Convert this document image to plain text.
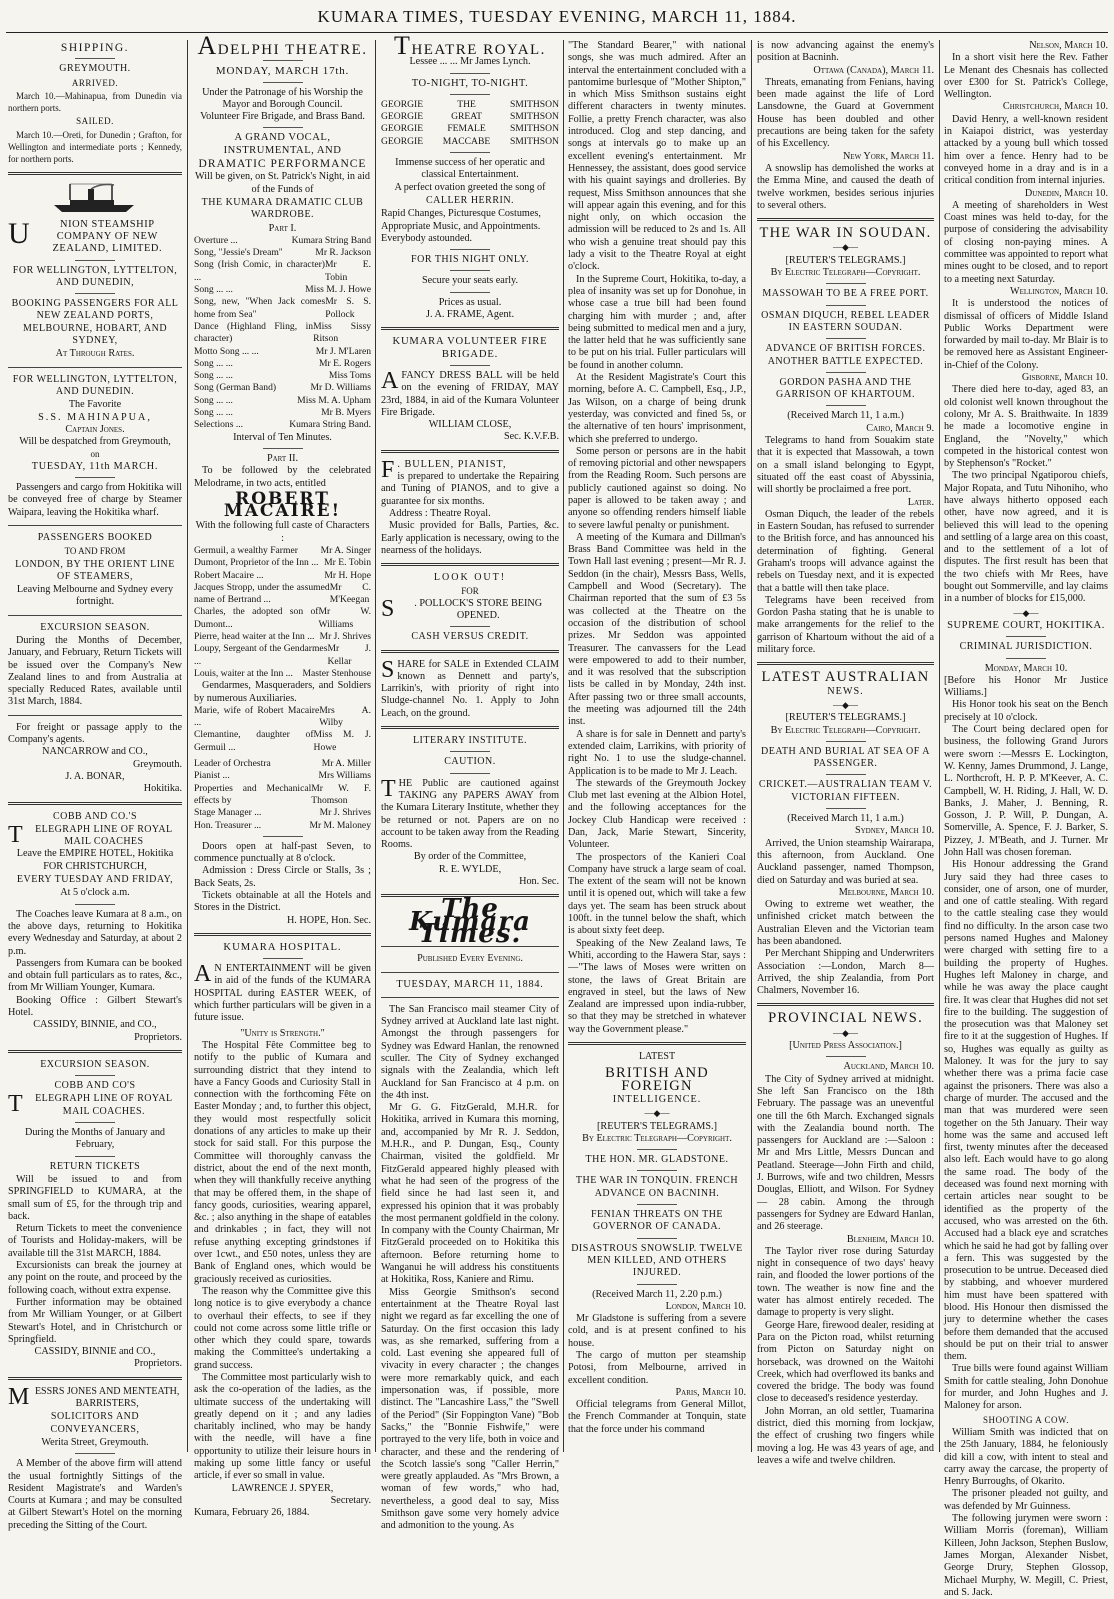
KUMARA TIMES, TUESDAY EVENING, MARCH 11, 1884.
SHIPPING.
GREYMOUTH.
ARRIVED.

March 10.—Mahinapua, from Dunedin via northern ports.

SAILED.

March 10.—Oreti, for Dunedin ; Grafton, for Wellington and intermediate ports ; Kennedy, for northern ports.

U	NION STEAMSHIP COMPANY OF NEW ZEALAND, LIMITED.
FOR WELLINGTON, LYTTELTON, AND DUNEDIN,
BOOKING PASSENGERS FOR ALL NEW ZEALAND PORTS, MELBOURNE, HOBART, AND SYDNEY,
At Through Rates.
FOR WELLINGTON, LYTTELTON, AND DUNEDIN.
The Favorite
S.S. MAHINAPUA,
Captain Jones.
Will be despatched from Greymouth,
on
TUESDAY, 11th MARCH.

Passengers and cargo from Hokitika will be conveyed free of charge by Steamer Waipara, leaving the Hokitika wharf.

PASSENGERS BOOKED
TO AND FROM
LONDON, BY THE ORIENT LINE OF STEAMERS,
Leaving Melbourne and Sydney every fortnight.
EXCURSION SEASON.

During the Months of December, January, and February, Return Tickets will be issued over the Company's New Zealand lines to and from Australia at specially Reduced Rates, available until 31st March, 1884.

For freight or passage apply to the Company's agents.

NANCARROW and CO.,
Greymouth.
J. A. BONAR,
Hokitika.
COBB AND CO.'S
T	ELEGRAPH LINE OF ROYAL MAIL COACHES
Leave the EMPIRE HOTEL, Hokitika FOR CHRISTCHURCH,
EVERY TUESDAY AND FRIDAY,
At 5 o'clock a.m.

The Coaches leave Kumara at 8 a.m., on the above days, returning to Hokitika every Wednesday and Saturday, at about 2 p.m.

Passengers from Kumara can be booked and obtain full particulars as to rates, &c., from Mr William Younger, Kumara.

Booking Office : Gilbert Stewart's Hotel.

CASSIDY, BINNIE, and CO.,
Proprietors.
EXCURSION SEASON.
COBB AND CO'S
T	ELEGRAPH LINE OF ROYAL MAIL COACHES.
During the Months of January and February,
RETURN TICKETS

Will be issued to and from SPRINGFIELD to KUMARA, at the small sum of £5, for the through trip and back.

Return Tickets to meet the convenience of Tourists and Holiday-makers, will be available till the 31st MARCH, 1884.

Excursionists can break the journey at any point on the route, and proceed by the following coach, without extra expense.

Further information may be obtained from Mr William Younger, or at Gilbert Stewart's Hotel, and in Christchurch or Springfield.

CASSIDY, BINNIE and CO.,
Proprietors.
M ESSRS JONES AND MENTEATH, BARRISTERS,
SOLICITORS AND CONVEYANCERS,
Werita Street, Greymouth.

A Member of the above firm will attend the usual fortnightly Sittings of the Resident Magistrate's and Warden's Courts at Kumara ; and may be consulted at Gilbert Stewart's Hotel on the morning preceding the Sitting of the Court.

ADELPHI THEATRE.
MONDAY, MARCH 17th.
Under the Patronage of his Worship the Mayor and Borough Council.
Volunteer Fire Brigade, and Brass Band.
A GRAND VOCAL, INSTRUMENTAL, AND
DRAMATIC PERFORMANCE
Will be given, on St. Patrick's Night, in aid of the Funds of
THE KUMARA DRAMATIC CLUB WARDROBE.
Part I.
Overture ...	Kumara String Band
Song, "Jessie's Dream"	Mr R. Jackson
Song (Irish Comic, in character) ...
Mr E. Tobin
Song ... ...	Miss M. J. Howe
Song, new, "When Jack comes home from Sea"
Mr S. S. Pollock
Dance (Highland Fling, in character)
Miss Sissy Ritson
Motto Song ... ...	Mr J. M'Laren
Song ... ...	Mr E. Rogers
Song ... ...	Miss Toms
Song (German Band)	Mr D. Williams
Song ... ...	Miss M. A. Upham
Song ... ...	Mr B. Myers
Selections ...	Kumara String Band.
Interval of Ten Minutes.
Part II.

To be followed by the celebrated Melodrame, in two acts, entitled

ROBERT MACAIRE!
With the following full caste of Characters :
Germuil, a wealthy Farmer Mr A. Singer
Dumont, Proprietor of the Inn ... Mr E. Tobin
Robert Macaire ...	Mr H. Hope
Jacques Stropp, under the assumed name of Bertrand ...
Mr C. M'Keegan
Charles, the adopted son of Dumont...
Mr W. Williams
Pierre, head waiter at the Inn ... Mr J. Shrives
Loupy, Sergeant of the Gendarmes ...
Mr J. Kellar
Louis, waiter at the Inn ... Master Stenhouse

Gendarmes, Masqueraders, and Soldiers by numerous Auxiliaries.

Marie, wife of Robert Macaire ...
Mrs A. Wilby
Clemantine, daughter of Germuil ...
Miss M. J. Howe
Leader of Orchestra	Mr A. Miller
Pianist ...	Mrs Williams
Properties and Mechanical effects by
Mr W. F. Thomson
Stage Manager ...	Mr J. Shrives
Hon. Treasurer ...	Mr M. Maloney

Doors open at half-past Seven, to commence punctually at 8 o'clock.

Admission : Dress Circle or Stalls, 3s ; Back Seats, 2s.

Tickets obtainable at all the Hotels and Stores in the District.

H. HOPE, Hon. Sec.
KUMARA HOSPITAL.
A N ENTERTAINMENT will be given in aid of the funds of the KUMARA HOSPITAL during EASTER WEEK, of which further particulars will be given in a future issue.
"Unity is Strength."

The Hospital Fête Committee beg to notify to the public of Kumara and surrounding district that they intend to have a Fancy Goods and Curiosity Stall in connection with the forthcoming Fête on Easter Monday ; and, to further this object, they would most respectfully solicit donations of any articles to make up their stock for said stall. For this purpose the Committee will thoroughly canvass the district, about the end of the next month, when they will thankfully receive anything that may be offered them, in the shape of fancy goods, curiosities, wearing apparel, &c. ; also anything in the shape of eatables and drinkables ; in fact, they will not refuse anything excepting grindstones if over 1cwt., and £50 notes, unless they are Bank of England ones, which would be graciously received as curiosities.

The reason why the Committee give this long notice is to give everybody a chance to overhaul their effects, to see if they could not come across some little trifle or other which they could spare, towards making the Committee's undertaking a grand success.

The Committee most particularly wish to ask the co-operation of the ladies, as the ultimate success of the undertaking will greatly depend on it ; and any ladies charitably inclined, who may be handy with the needle, will have a fine opportunity to utilize their leisure hours in making up some little fancy or useful article, if ever so small in value.

LAWRENCE J. SPYER,
Secretary.
Kumara, February 26, 1884.
THEATRE ROYAL.
Lessee ... ... Mr James Lynch.
TO-NIGHT, TO-NIGHT.
GEORGIE	THE	SMITHSON
GEORGIE	GREAT	SMITHSON
GEORGIE	FEMALE	SMITHSON
GEORGIE MACCABE SMITHSON
Immense success of her operatic and classical Entertainment.
A perfect ovation greeted the song of
CALLER HERRIN.

Rapid Changes, Picturesque Costumes, Appropriate Music, and Appointments. Everybody astounded.

FOR THIS NIGHT ONLY.
Secure your seats early.
Prices as usual.
J. A. FRAME, Agent.
KUMARA VOLUNTEER FIRE BRIGADE.
A FANCY DRESS BALL will be held on the evening of FRIDAY, MAY 23rd, 1884, in aid of the Kumara Volunteer Fire Brigade.
WILLIAM CLOSE,
Sec. K.V.F.B.
F . BULLEN, PIANIST,
is prepared to undertake the Repairing and Tuning of PIANOS, and to give a guarantee for six months.

Address : Theatre Royal.

Music provided for Balls, Parties, &c. Early application is necessary, owing to the nearness of the holidays.

LOOK OUT!
FOR
S	. POLLOCK'S STORE BEING OPENED.
CASH VERSUS CREDIT.
S HARE for SALE in Extended CLAIM known as Dennett and party's, Larrikin's, with priority of right into Sludge-channel No. 1. Apply to John Leach, on the ground.
LITERARY INSTITUTE.
CAUTION.
T HE Public are cautioned against TAKING any PAPERS AWAY from the Kumara Literary Institute, whether they be returned or not. Papers are on no account to be taken away from the Reading Rooms.
By order of the Committee,
R. E. WYLDE,
Hon. Sec.
The Kumara Times.
Published Every Evening.
TUESDAY, MARCH 11, 1884.

The San Francisco mail steamer City of Sydney arrived at Auckland late last night. Amongst the through passengers for Sydney was Edward Hanlan, the renowned sculler. The City of Sydney exchanged signals with the Zealandia, which left Auckland for San Francisco at 4 p.m. on the 4th inst.

Mr G. G. FitzGerald, M.H.R. for Hokitika, arrived in Kumara this morning, and, accompanied by Mr R. J. Seddon, M.H.R., and P. Dungan, Esq., County Chairman, visited the goldfield. Mr FitzGerald appeared highly pleased with what he had seen of the progress of the field since he had last seen it, and expressed his opinion that it was probably the most permanent goldfield in the colony. In company with the County Chairman, Mr FitzGerald proceeded on to Hokitika this afternoon. Before returning home to Wanganui he will address his constituents at Hokitika, Ross, Kaniere and Rimu.

Miss Georgie Smithson's second entertainment at the Theatre Royal last night we regard as far excelling the one of Saturday. On the first occasion this lady was, as she remarked, suffering from a cold. Last evening she appeared full of vivacity in every character ; the changes were more remarkably quick, and each impersonation was, if possible, more distinct. The "Lancashire Lass," the "Swell of the Period" (Sir Foppington Vane) "Bob Sacks," the "Bonnie Fishwife," were portrayed to the very life, both in voice and character, and these and the rendering of the Scotch lassie's song "Caller Herrin," were greatly applauded. As "Mrs Brown, a woman of few words," who had, nevertheless, a good deal to say, Miss Smithson gave some very homely advice and admonition to the young. As

"The Standard Bearer," with national songs, she was much admired. After an interval the entertainment concluded with a pantomime burlesque of "Mother Shipton," in which Miss Smithson sustains eight different characters in twenty minutes. Follie, a pretty French character, was also introduced. Clog and step dancing, and songs at intervals go to make up an excellent evening's entertainment. Mr Hennessey, the assistant, does good service with his quaint sayings and drolleries. By request, Miss Smithson announces that she will appear again this evening, and for this night only, on which occasion the admission will be reduced to 2s and 1s. All who wish a genuine treat should pay this lady a visit to the Theatre Royal at eight o'clock.

In the Supreme Court, Hokitika, to-day, a plea of insanity was set up for Donohue, in whose case a true bill had been found charging him with murder ; and, after being submitted to medical men and a jury, the latter held that he was sufficiently sane to be put on his trial. Fuller particulars will be found in another column.

At the Resident Magistrate's Court this morning, before A. C. Campbell, Esq., J.P., Jas Wilson, on a charge of being drunk yesterday, was convicted and fined 5s, or the alternative of ten hours' imprisonment, which she preferred to undergo.

Some person or persons are in the habit of removing pictorial and other newspapers from the Reading Room. Such persons are publicly cautioned against so doing. No paper is allowed to be taken away ; and anyone so offending renders himself liable to severe lawful penalty or punishment.

A meeting of the Kumara and Dillman's Brass Band Committee was held in the Town Hall last evening ; present—Mr R. J. Seddon (in the chair), Messrs Bass, Wells, Campbell and Wood (Secretary). The Chairman reported that the sum of £3 5s was collected at the Theatre on the occasion of the distribution of school prizes. Mr Seddon was appointed Treasurer. The canvassers for the Lead were empowered to add to their number, and it was resolved that the subscription lists be called in by Monday, 24th inst. After passing two or three small accounts, the meeting was adjourned till the 24th inst.

A share is for sale in Dennett and party's extended claim, Larrikins, with priority of right No. 1 to use the sludge-channel. Application is to be made to Mr J. Leach.

The stewards of the Greymouth Jockey Club met last evening at the Albion Hotel, and the following acceptances for the Jockey Club Handicap were received : Dan, Jack, Marie Stewart, Sincerity, Volunteer.

The prospectors of the Kanieri Coal Company have struck a large seam of coal. The extent of the seam will not be known until it is opened out, which will take a few days yet. The seam has been struck about 100ft. in the tunnel below the shaft, which is about sixty feet deep.

Speaking of the New Zealand laws, Te Whiti, according to the Hawera Star, says :—"The laws of Moses were written on stone, the laws of Great Britain are engraved in steel, but the laws of New Zealand are impressed upon india-rubber, so that they may be stretched in whatever way the Government please."

LATEST
BRITISH AND FOREIGN
INTELLIGENCE.
—◆—
[REUTER'S TELEGRAMS.]
By Electric Telegraph—Copyright.
THE HON. MR. GLADSTONE.
THE WAR IN TONQUIN. FRENCH ADVANCE ON BACNINH.
FENIAN THREATS ON THE GOVERNOR OF CANADA.
DISASTROUS SNOWSLIP. TWELVE MEN KILLED, AND OTHERS INJURED.
(Received March 11, 2.20 p.m.)
London, March 10.

Mr Gladstone is suffering from a severe cold, and is at present confined to his house.

The cargo of mutton per steamship Potosi, from Melbourne, arrived in excellent condition.

Paris, March 10.

Official telegrams from General Millot, the French Commander at Tonquin, state that the force under his command

is now advancing against the enemy's position at Bacninh.

Ottawa (Canada), March 11.

Threats, emanating from Fenians, having been made against the life of Lord Lansdowne, the Guard at Government House has been doubled and other precautions are being taken for the safety of his Excellency.

New York, March 11.

A snowslip has demolished the works at the Emma Mine, and caused the death of twelve workmen, besides serious injuries to several others.

THE WAR IN SOUDAN.
—◆—
[REUTER'S TELEGRAMS.]
By Electric Telegraph—Copyright.
MASSOWAH TO BE A FREE PORT.
OSMAN DIQUCH, REBEL LEADER IN EASTERN SOUDAN.
ADVANCE OF BRITISH FORCES. ANOTHER BATTLE EXPECTED.
GORDON PASHA AND THE GARRISON OF KHARTOUM.
(Received March 11, 1 a.m.)
Cairo, March 9.

Telegrams to hand from Souakim state that it is expected that Massowah, a town on a small island belonging to Egypt, situated off the east coast of Abyssinia, will shortly be proclaimed a free port.

Later.

Osman Diquch, the leader of the rebels in Eastern Soudan, has refused to surrender to the British force, and has announced his determination of fighting. General Graham's troops will advance against the rebels on Tuesday next, and it is expected that a battle will then take place.

Telegrams have been received from Gordon Pasha stating that he is unable to make arrangements for the relief to the garrison of Khartoum without the aid of a military force.

LATEST AUSTRALIAN
NEWS.
—◆—
[REUTER'S TELEGRAMS.]
By Electric Telegraph—Copyright.
DEATH AND BURIAL AT SEA OF A PASSENGER.
CRICKET.—AUSTRALIAN TEAM V. VICTORIAN FIFTEEN.
(Received March 11, 1 a.m.)
Sydney, March 10.

Arrived, the Union steamship Wairarapa, this afternoon, from Auckland. One Auckland passenger, named Thompson, died on Saturday and was buried at sea.

Melbourne, March 10.

Owing to extreme wet weather, the unfinished cricket match between the Australian Eleven and the Victorian team has been abandoned.

Per Merchant Shipping and Underwriters Association :—London, March 8—Arrived, the ship Zealandia, from Port Chalmers, November 16.

PROVINCIAL NEWS.
—◆—
[United Press Association.]
Auckland, March 10.

The City of Sydney arrived at midnight. She left San Francisco on the 18th February. The passage was an uneventful one till the 6th March. Exchanged signals with the Zealandia bound north. The passengers for Auckland are :—Saloon : Mr and Mrs Little, Messrs Duncan and Peatland. Steerage—John Firth and child, J. Burrows, wife and two children, Messrs Douglas, Elliott, and Wilson. For Sydney — 28 cabin. Among the through passengers for Sydney are Edward Hanlan, and 26 steerage.

Blenheim, March 10.

The Taylor river rose during Saturday night in consequence of two days' heavy rain, and flooded the lower portions of the town. The weather is now fine and the water has almost entirely receded. The damage to property is very slight.

George Hare, firewood dealer, residing at Para on the Picton road, whilst returning from Picton on Saturday night on horseback, was drowned on the Waitohi Creek, which had overflowed its banks and covered the bridge. The body was found close to deceased's residence yesterday.

John Morran, an old settler, Tuamarina district, died this morning from lockjaw, the effect of crushing two fingers while moving a log. He was 43 years of age, and leaves a wife and twelve children.

Nelson, March 10.

In a short visit here the Rev. Father Le Menant des Chesnais has collected over £300 for St. Patrick's College, Wellington.

Christchurch, March 10.

David Henry, a well-known resident in Kaiapoi district, was yesterday attacked by a young bull which tossed him over a fence. Henry had to be conveyed home in a dray and is in a critical condition from internal injuries.

Dunedin, March 10.

A meeting of shareholders in West Coast mines was held to-day, for the purpose of considering the advisability of closing non-paying mines. A committee was appointed to report what mines ought to be closed, and to report to a meeting next Saturday.

Wellington, March 10.

It is understood the notices of dismissal of officers of Middle Island Public Works Department were forwarded by mail to-day. Mr Blair is to be removed here as Assistant Engineer-in-Chief of the Colony.

Gisborne, March 10.

There died here to-day, aged 83, an old colonist well known throughout the colony, Mr A. S. Braithwaite. In 1839 he made a locomotive engine in England, the "Novelty," which competed in the historical contest won by Stephenson's "Rocket."

The two principal Ngatiporou chiefs, Major Ropata, and Tutu Nihoniho, who have always hitherto opposed each other, have now agreed, and it is believed this will lead to the opening and settling of a large area on this coast, and to the settlement of a lot of disputes. The first result has been that the two chiefs with Mr Rees, have bought out Sommerville, and lay claims in a number of blocks for £15,000.

—◆—
SUPREME COURT, HOKITIKA.
CRIMINAL JURISDICTION.
Monday, March 10.

[Before his Honor Mr Justice Williams.]

His Honor took his seat on the Bench precisely at 10 o'clock.

The Court being declared open for business, the following Grand Jurors were sworn :—Messrs E. Lockington, W. Kenny, James Drummond, J. Lange, L. Northcroft, H. P. P. M'Keever, A. C. Campbell, W. H. Riding, J. Hall, W. D. Banks, J. Maher, J. Benning, R. Gosson, J. P. Will, P. Dungan, A. Somerville, A. Spence, F. J. Barker, S. Pizzey, J. M'Beath, and J. Turner. Mr John Hall was chosen foreman.

His Honour addressing the Grand Jury said they had three cases to consider, one of arson, one of murder, and one of cattle stealing. With regard to the cattle stealing case they would find no difficulty. In the arson case two persons named Hughes and Maloney were charged with setting fire to a building the property of Hughes. Hughes left Maloney in charge, and while he was away the place caught fire. It was clear that Hughes did not set fire to the building. The suggestion of the prosecution was that Maloney set fire to it at the suggestion of Hughes. If so, Hughes was equally as guilty as Maloney. It was for the jury to say whether there was a prima facie case against the prisoners. There was also a charge of murder. The accused and the man that was murdered were seen together on the 5th January. Their way home was the same and accused left first, twenty minutes after the deceased also left. Each would have to go along the same road. The body of the deceased was found next morning with certain articles near sought to be identified as the property of the accused, who was arrested on the 6th. Accused had a black eye and scratches which he said he had got by falling over a fern. This was suggested by the prosecution to be untrue. Deceased died by stabbing, and whoever murdered him must have been spattered with blood. His Honour then dismissed the jury to determine whether the cases before them demanded that the accused should be put on their trial to answer them.

True bills were found against William Smith for cattle stealing, John Donohue for murder, and John Hughes and J. Maloney for arson.

SHOOTING A COW.

William Smith was indicted that on the 25th January, 1884, he feloniously did kill a cow, with intent to steal and carry away the carcase, the property of Henry Burroughs, of Okarito.

The prisoner pleaded not guilty, and was defended by Mr Guinness.

The following jurymen were sworn : William Morris (foreman), William Killeen, John Jackson, Stephen Buslow, James Morgan, Alexander Nisbet, George Drury, Stephen Glossop, Michael Murphy, W. Megill, C. Priest, and S. Jack.
